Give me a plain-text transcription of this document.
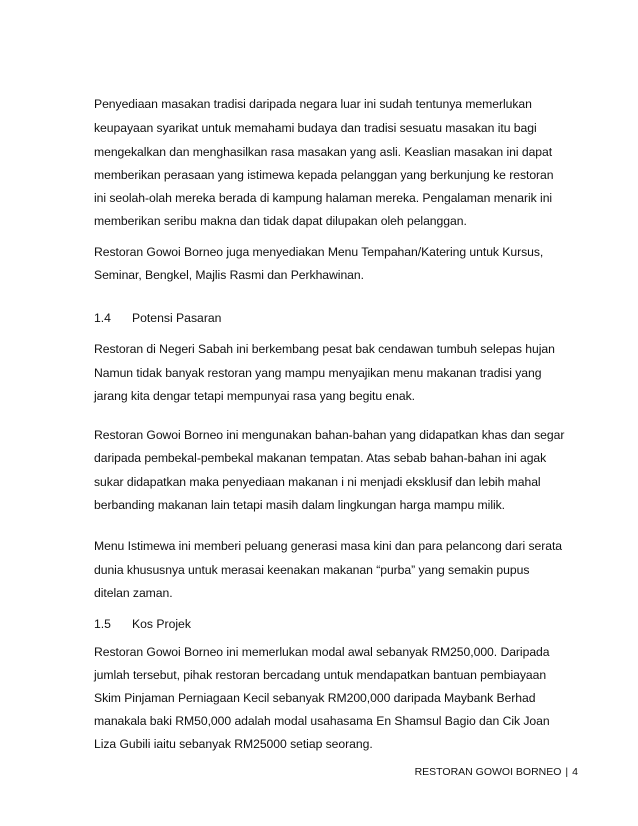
Penyediaan masakan tradisi daripada negara luar ini sudah tentunya memerlukan
keupayaan syarikat untuk memahami budaya dan tradisi sesuatu masakan itu bagi
mengekalkan dan menghasilkan rasa masakan yang asli. Keaslian masakan ini dapat
memberikan perasaan yang istimewa kepada pelanggan yang berkunjung ke restoran
ini seolah-olah mereka berada di kampung halaman mereka. Pengalaman menarik ini
memberikan seribu makna dan tidak dapat dilupakan oleh pelanggan.
Restoran Gowoi Borneo juga menyediakan Menu Tempahan/Katering untuk Kursus,
Seminar, Bengkel, Majlis Rasmi dan Perkhawinan.
1.4 Potensi Pasaran
Restoran di Negeri Sabah ini berkembang pesat bak cendawan tumbuh selepas hujan
Namun tidak banyak restoran yang mampu menyajikan menu makanan tradisi yang
jarang kita dengar tetapi mempunyai rasa yang begitu enak.
Restoran Gowoi Borneo ini mengunakan bahan-bahan yang didapatkan khas dan segar
daripada pembekal-pembekal makanan tempatan. Atas sebab bahan-bahan ini agak
sukar didapatkan maka penyediaan makanan i ni menjadi eksklusif dan lebih mahal
berbanding makanan lain tetapi masih dalam lingkungan harga mampu milik.
Menu Istimewa ini memberi peluang generasi masa kini dan para pelancong dari serata
dunia khususnya untuk merasai keenakan makanan “purba” yang semakin pupus
ditelan zaman.
1.5 Kos Projek
Restoran Gowoi Borneo ini memerlukan modal awal sebanyak RM250,000. Daripada
jumlah tersebut, pihak restoran bercadang untuk mendapatkan bantuan pembiayaan
Skim Pinjaman Perniagaan Kecil sebanyak RM200,000 daripada Maybank Berhad
manakala baki RM50,000 adalah modal usahasama En Shamsul Bagio dan Cik Joan
Liza Gubili iaitu sebanyak RM25000 setiap seorang.
RESTORAN GOWOI BORNEO | 4
